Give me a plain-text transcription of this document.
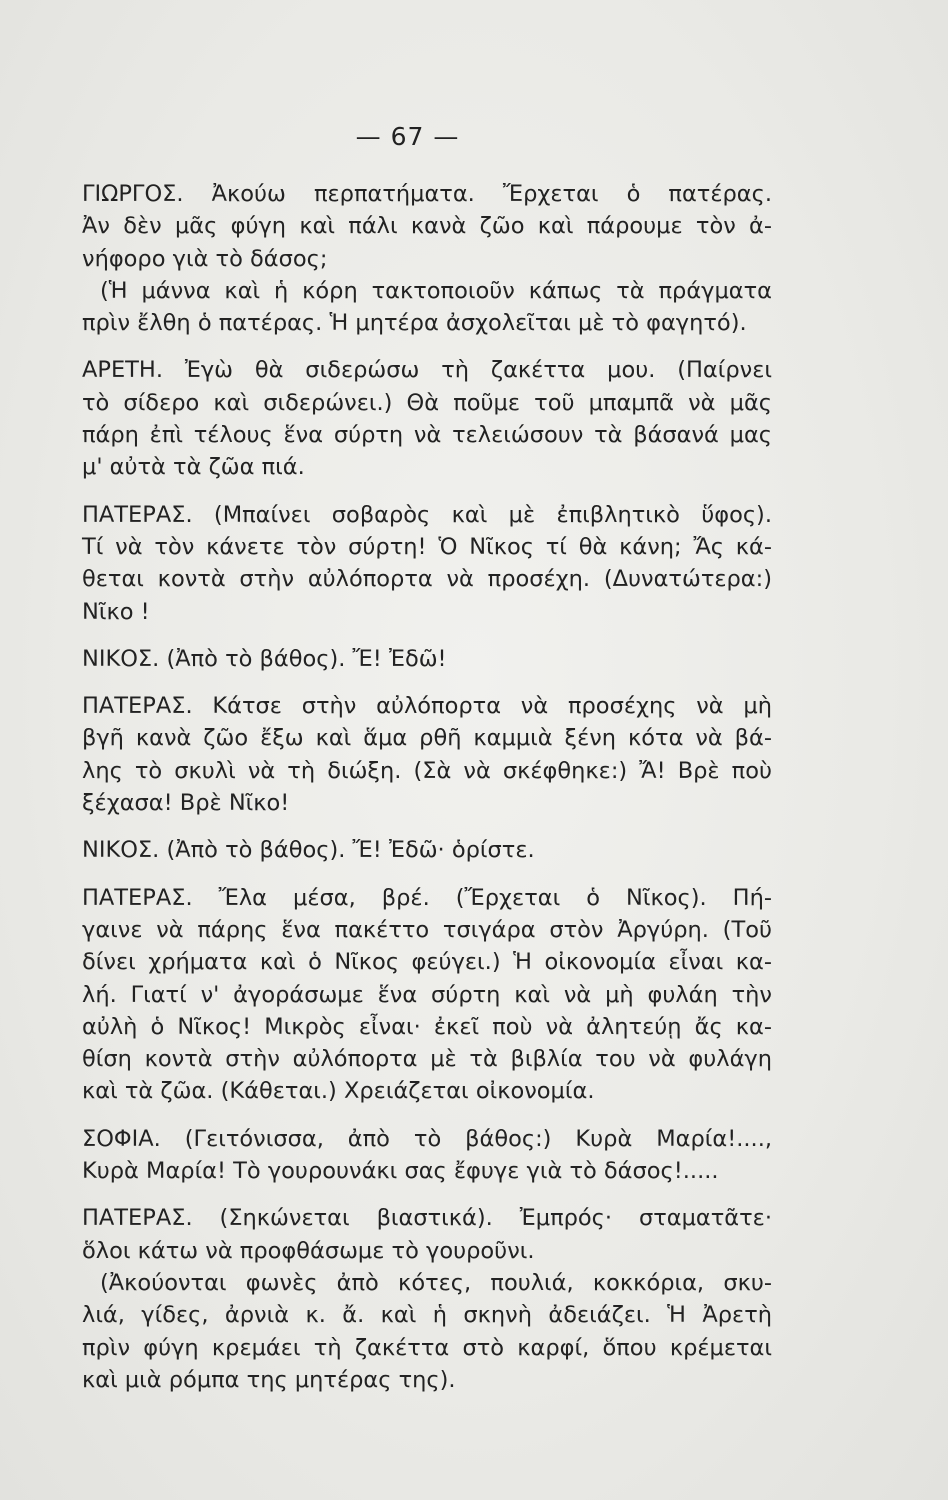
— 67 —
ΓΙΩΡΓΟΣ. Ἀκούω περπατήματα. Ἔρχεται ὁ πατέρας.
Ἀν δὲν μᾶς φύγη καὶ πάλι κανὰ ζῶο καὶ πάρουμε τὸν ἀ-
νήφορο γιὰ τὸ δάσος;
(Ἡ μάννα καὶ ἡ κόρη τακτοποιοῦν κάπως τὰ πράγματα
πρὶν ἔλθη ὁ πατέρας. Ἡ μητέρα ἀσχολεῖται μὲ τὸ φαγητό).
ΑΡΕΤΗ. Ἐγὼ θὰ σιδερώσω τὴ ζακέττα μου. (Παίρνει
τὸ σίδερο καὶ σιδερώνει.) Θὰ ποῦμε τοῦ μπαμπᾶ νὰ μᾶς
πάρη ἐπὶ τέλους ἕνα σύρτη νὰ τελειώσουν τὰ βάσανά μας
μ' αὐτὰ τὰ ζῶα πιά.
ΠΑΤΕΡΑΣ. (Μπαίνει σοβαρὸς καὶ μὲ ἐπιβλητικὸ ὕφος).
Τί νὰ τὸν κάνετε τὸν σύρτη! Ὁ Νῖκος τί θὰ κάνη; Ἄς κά-
θεται κοντὰ στὴν αὐλόπορτα νὰ προσέχη. (Δυνατώτερα:)
Νῖκο !
ΝΙΚΟΣ. (Ἀπὸ τὸ βάθος). Ἔ! Ἐδῶ!
ΠΑΤΕΡΑΣ. Κάτσε στὴν αὐλόπορτα νὰ προσέχης νὰ μὴ
βγῆ κανὰ ζῶο ἔξω καὶ ἅμα ρθῆ καμμιὰ ξένη κότα νὰ βά-
λης τὸ σκυλὶ νὰ τὴ διώξη. (Σὰ νὰ σκέφθηκε:) Ἄ! Βρὲ ποὺ
ξέχασα! Βρὲ Νῖκο!
ΝΙΚΟΣ. (Ἀπὸ τὸ βάθος). Ἔ! Ἐδῶ· ὁρίστε.
ΠΑΤΕΡΑΣ. Ἔλα μέσα, βρέ. (Ἔρχεται ὁ Νῖκος). Πή-
γαινε νὰ πάρης ἕνα πακέττο τσιγάρα στὸν Ἀργύρη. (Τοῦ
δίνει χρήματα καὶ ὁ Νῖκος φεύγει.) Ἡ οἰκονομία εἶναι κα-
λή. Γιατί ν' ἀγοράσωμε ἕνα σύρτη καὶ νὰ μὴ φυλάη τὴν
αὐλὴ ὁ Νῖκος! Μικρὸς εἶναι· ἐκεῖ ποὺ νὰ ἀλητεύῃ ἄς κα-
θίση κοντὰ στὴν αὐλόπορτα μὲ τὰ βιβλία του νὰ φυλάγη
καὶ τὰ ζῶα. (Κάθεται.) Χρειάζεται οἰκονομία.
ΣΟΦΙΑ. (Γειτόνισσα, ἀπὸ τὸ βάθος:) Κυρὰ Μαρία!....,
Κυρὰ Μαρία! Τὸ γουρουνάκι σας ἔφυγε γιὰ τὸ δάσος!.....
ΠΑΤΕΡΑΣ. (Σηκώνεται βιαστικά). Ἐμπρός· σταματᾶτε·
ὅλοι κάτω νὰ προφθάσωμε τὸ γουροῦνι.
(Ἀκούονται φωνὲς ἀπὸ κότες, πουλιά, κοκκόρια, σκυ-
λιά, γίδες, ἀρνιὰ κ. ἄ. καὶ ἡ σκηνὴ ἀδειάζει. Ἡ Ἀρετὴ
πρὶν φύγη κρεμάει τὴ ζακέττα στὸ καρφί, ὅπου κρέμεται
καὶ μιὰ ρόμπα της μητέρας της).
